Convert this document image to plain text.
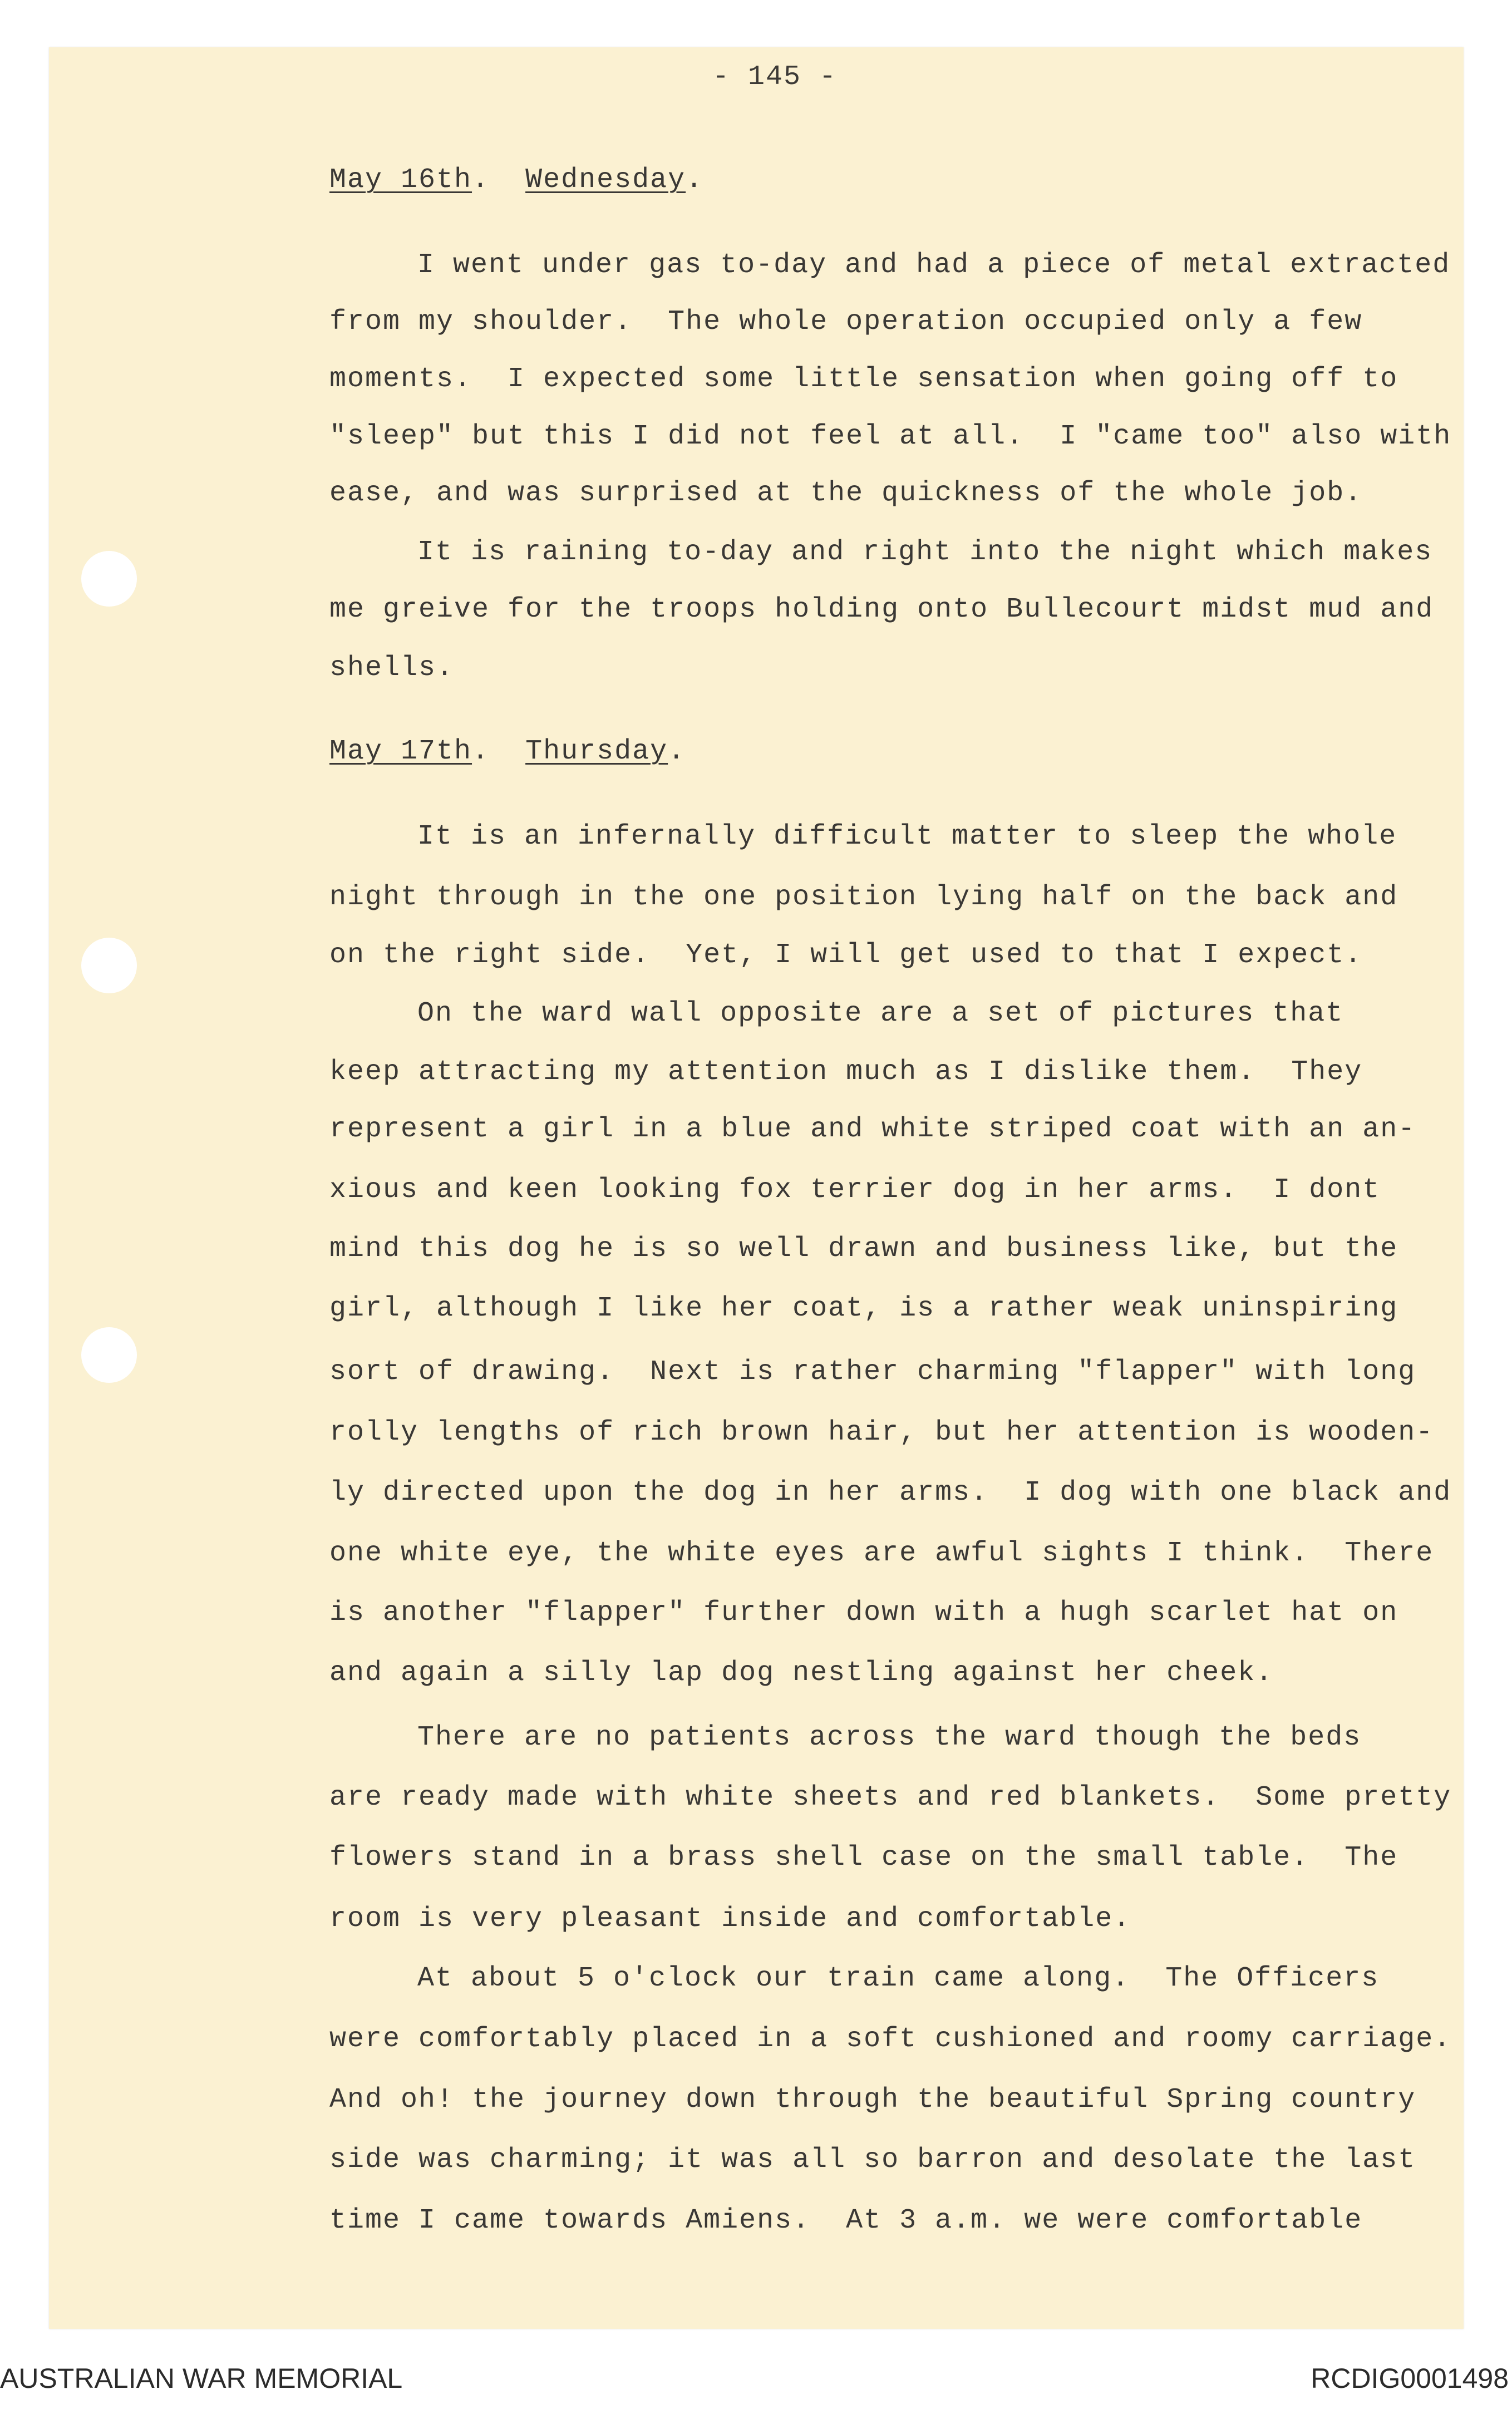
- 145 -
May 16th. Wednesday.
I went under gas to-day and had a piece of metal extracted
from my shoulder.  The whole operation occupied only a few
moments.  I expected some little sensation when going off to
"sleep" but this I did not feel at all.  I "came too" also with
ease, and was surprised at the quickness of the whole job.
It is raining to-day and right into the night which makes
me greive for the troops holding onto Bullecourt midst mud and
shells.
May 17th. Thursday.
It is an infernally difficult matter to sleep the whole
night through in the one position lying half on the back and
on the right side.  Yet, I will get used to that I expect.
On the ward wall opposite are a set of pictures that
keep attracting my attention much as I dislike them.  They
represent a girl in a blue and white striped coat with an an-
xious and keen looking fox terrier dog in her arms.  I dont
mind this dog he is so well drawn and business like, but the
girl, although I like her coat, is a rather weak uninspiring
sort of drawing.  Next is rather charming "flapper" with long
rolly lengths of rich brown hair, but her attention is wooden-
ly directed upon the dog in her arms.  I dog with one black and
one white eye, the white eyes are awful sights I think.  There
is another "flapper" further down with a hugh scarlet hat on
and again a silly lap dog nestling against her cheek.
There are no patients across the ward though the beds
are ready made with white sheets and red blankets.  Some pretty
flowers stand in a brass shell case on the small table.  The
room is very pleasant inside and comfortable.
At about 5 o'clock our train came along.  The Officers
were comfortably placed in a soft cushioned and roomy carriage.
And oh! the journey down through the beautiful Spring country
side was charming; it was all so barron and desolate the last
time I came towards Amiens.  At 3 a.m. we were comfortable
AUSTRALIAN WAR MEMORIAL	RCDIG0001498
